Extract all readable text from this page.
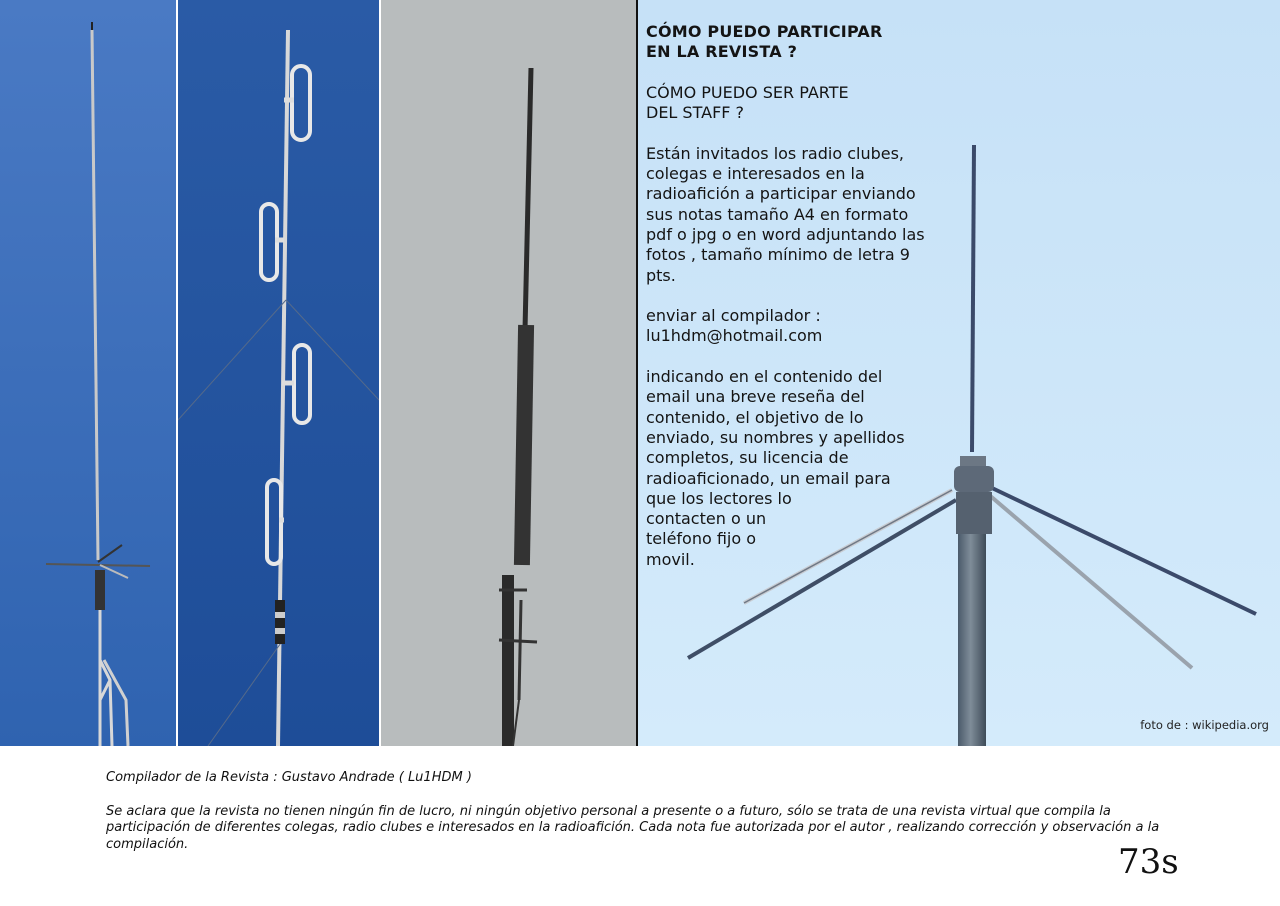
CÓMO PUEDO PARTICIPAR
EN LA REVISTA ?

CÓMO PUEDO SER PARTE
DEL STAFF ?

Están invitados los radio clubes,
colegas e interesados en la
radioafición a participar enviando
sus notas tamaño A4 en formato
pdf o jpg o en word adjuntando las
fotos , tamaño mínimo de letra 9
pts.

enviar al compilador :
lu1hdm@hotmail.com

indicando en el contenido del
email una breve reseña del
contenido, el objetivo de lo
enviado, su nombres y apellidos
completos, su licencia de
radioaficionado, un email para
que los lectores lo
contacten o un
teléfono fijo o
movil.

foto de : wikipedia.org

Compilador de la Revista : Gustavo Andrade ( Lu1HDM )

Se aclara que la revista no tienen ningún fin de lucro, ni ningún objetivo personal a presente o a futuro, sólo se trata de una revista virtual que compila la participación de diferentes colegas, radio clubes e interesados en la radioafición. Cada nota fue autorizada por el autor , realizando corrección y observación a la compilación.	73s
